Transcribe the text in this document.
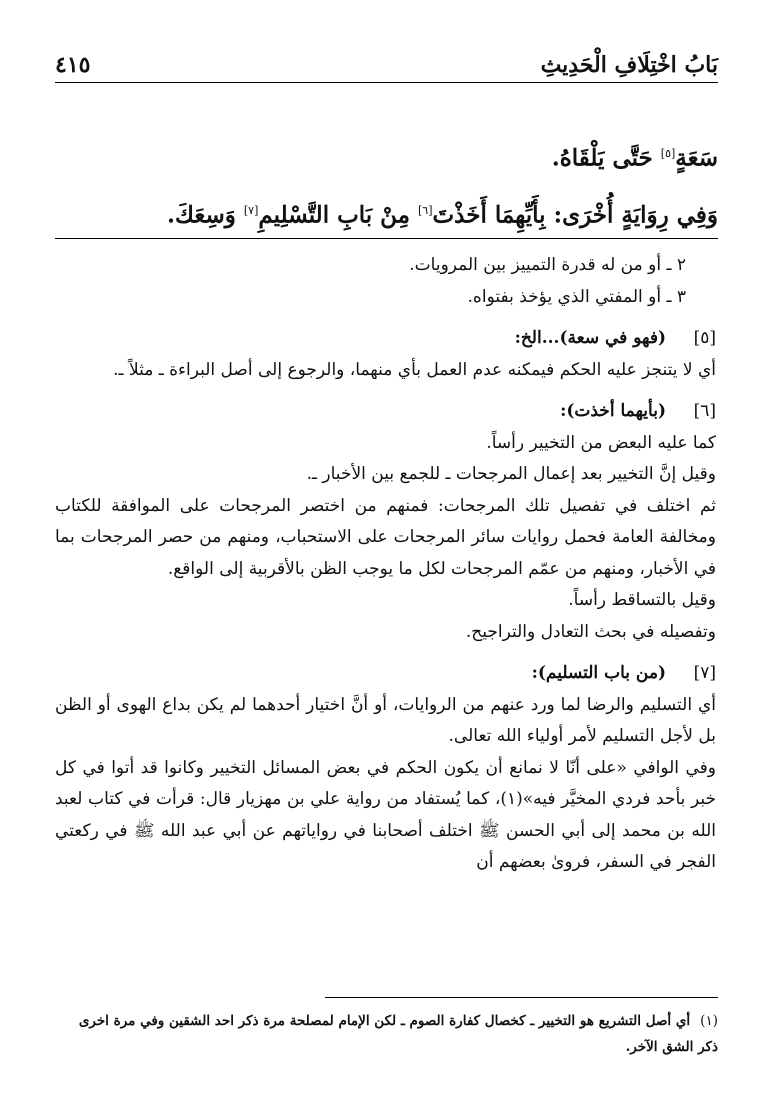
بَابُ اخْتِلَافِ الْحَدِيثِ
٤١٥

سَعَةٍ[٥] حَتَّى يَلْقَاهُ.

وَفِي رِوَايَةٍ أُخْرَى: بِأَيِّهِمَا أَخَذْتَ[٦] مِنْ بَابِ التَّسْلِيمِ[٧] وَسِعَكَ.

٢ ـ أو من له قدرة التمييز بين المرويات.

٣ ـ أو المفتي الذي يؤخذ بفتواه.

[٥]
(فهو في سعة)...الخ:

أي لا يتنجز عليه الحكم فيمكنه عدم العمل بأي منهما، والرجوع إلى أصل البراءة ـ مثلاً ـ.

[٦]
(بأيهما أخذت):

كما عليه البعض من التخيير رأساً.

وقيل إنَّ التخيير بعد إعمال المرجحات ـ للجمع بين الأخبار ـ.

ثم اختلف في تفصيل تلك المرجحات: فمنهم من اختصر المرجحات على الموافقة للكتاب ومخالفة العامة فحمل روايات سائر المرجحات على الاستحباب، ومنهم من حصر المرجحات بما في الأخبار، ومنهم من عمّم المرجحات لكل ما يوجب الظن بالأقربية إلى الواقع.

وقيل بالتساقط رأساً.

وتفصيله في بحث التعادل والتراجيح.

[٧]
(من باب التسليم):

أي التسليم والرضا لما ورد عنهم من الروايات، أو أنَّ اختيار أحدهما لم يكن بداع الهوى أو الظن بل لأجل التسليم لأمر أولياء الله تعالى.

وفي الوافي «على أنّا لا نمانع أن يكون الحكم في بعض المسائل التخيير وكانوا قد أتوا في كل خبر بأحد فردي المخيَّر فيه»(١)، كما يُستفاد من رواية علي بن مهزيار قال: قرأت في كتاب لعبد الله بن محمد إلى أبي الحسن ﷺ اختلف أصحابنا في رواياتهم عن أبي عبد الله ﷺ في ركعتي الفجر في السفر، فروىٰ بعضهم أن

(١)أي أصل التشريع هو التخيير ـ كخصال كفارة الصوم ـ لكن الإمام لمصلحة مرة ذكر احد الشقين وفي مرة اخرى ذكر الشق الآخر.
